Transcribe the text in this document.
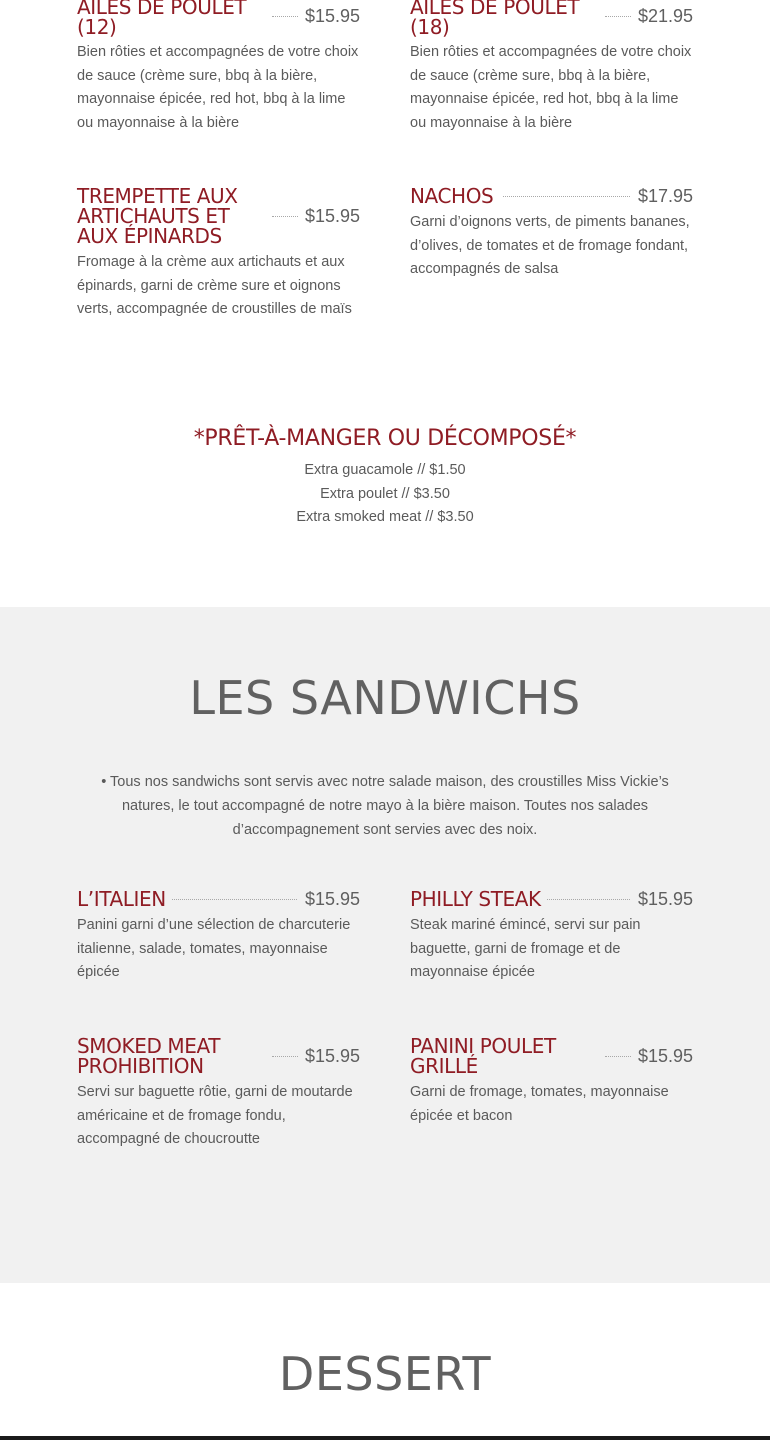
AILES DE POULET
(12)	$15.95
Bien rôties et accompagnées de votre choix de sauce (crème sure, bbq à la bière, mayonnaise épicée, red hot, bbq à la lime ou mayonnaise à la bière
AILES DE POULET
(18)	$21.95
Bien rôties et accompagnées de votre choix de sauce (crème sure, bbq à la bière, mayonnaise épicée, red hot, bbq à la lime ou mayonnaise à la bière
TREMPETTE AUX
ARTICHAUTS ET
AUX ÉPINARDS
$15.95
Fromage à la crème aux artichauts et aux épinards, garni de crème sure et oignons verts, accompagnée de croustilles de maïs
NACHOS	$17.95
Garni d’oignons verts, de piments bananes, d’olives, de tomates et de fromage fondant, accompagnés de salsa
*PRÊT-À-MANGER OU DÉCOMPOSÉ*
Extra guacamole // $1.50
Extra poulet // $3.50
Extra smoked meat // $3.50
LES SANDWICHS
• Tous nos sandwichs sont servis avec notre salade maison, des croustilles Miss Vickie’s natures, le tout accompagné de notre mayo à la bière maison. Toutes nos salades d’accompagnement sont servies avec des noix.
L’ITALIEN	$15.95
Panini garni d’une sélection de charcuterie italienne, salade, tomates, mayonnaise épicée
PHILLY STEAK	$15.95
Steak mariné émincé, servi sur pain baguette, garni de fromage et de mayonnaise épicée
SMOKED MEAT
PROHIBITION	$15.95
Servi sur baguette rôtie, garni de moutarde américaine et de fromage fondu, accompagné de choucroutte
PANINI POULET
GRILLÉ	$15.95
Garni de fromage, tomates, mayonnaise épicée et bacon
DESSERT
